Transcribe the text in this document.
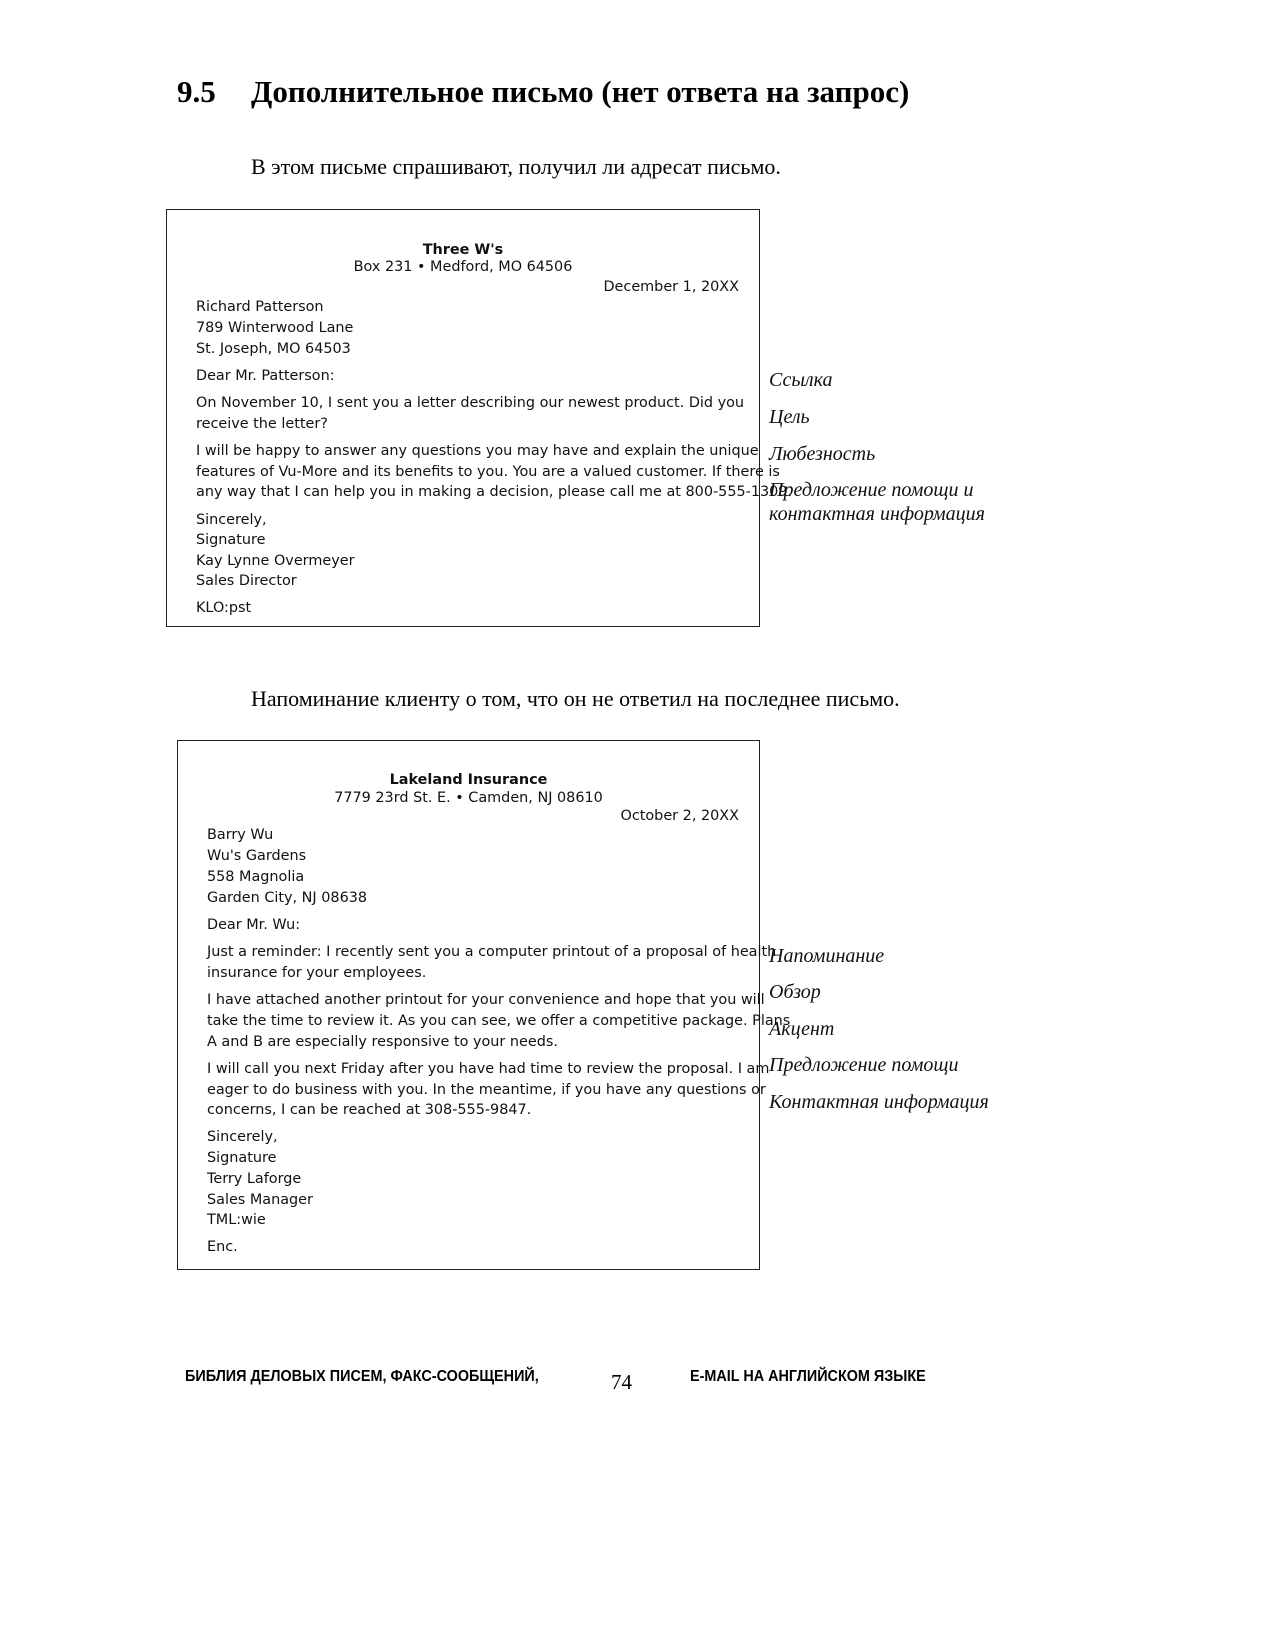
9.5 Дополнительное письмо (нет ответа на запрос)
В этом письме спрашивают, получил ли адресат письмо.
Three W's
Box 231 • Medford, MO 64506
December 1, 20XX
Richard Patterson
789 Winterwood Lane
St. Joseph, MO 64503
Dear Mr. Patterson:
On November 10, I sent you a letter describing our newest product. Did you
receive the letter?
I will be happy to answer any questions you may have and explain the unique
features of Vu-More and its benefits to you. You are a valued customer. If there is
any way that I can help you in making a decision, please call me at 800-555-1309.
Sincerely,
Signature
Kay Lynne Overmeyer
Sales Director
KLO:pst
Ссылка
Цель
Любезность
Предложение помощи и
контактная информация
Напоминание клиенту о том, что он не ответил на последнее письмо.
Lakeland Insurance
7779 23rd St. E. • Camden, NJ 08610
October 2, 20XX
Barry Wu
Wu's Gardens
558 Magnolia
Garden City, NJ 08638
Dear Mr. Wu:
Just a reminder: I recently sent you a computer printout of a proposal of health
insurance for your employees.
I have attached another printout for your convenience and hope that you will
take the time to review it. As you can see, we offer a competitive package. Plans
A and B are especially responsive to your needs.
I will call you next Friday after you have had time to review the proposal. I am
eager to do business with you. In the meantime, if you have any questions or
concerns, I can be reached at 308-555-9847.
Sincerely,
Signature
Terry Laforge
Sales Manager
TML:wie
Enc.
Напоминание
Обзор
Акцент
Предложение помощи
Контактная информация
БИБЛИЯ ДЕЛОВЫХ ПИСЕМ, ФАКС-СООБЩЕНИЙ,	74	E-MAIL НА АНГЛИЙСКОМ ЯЗЫКЕ
